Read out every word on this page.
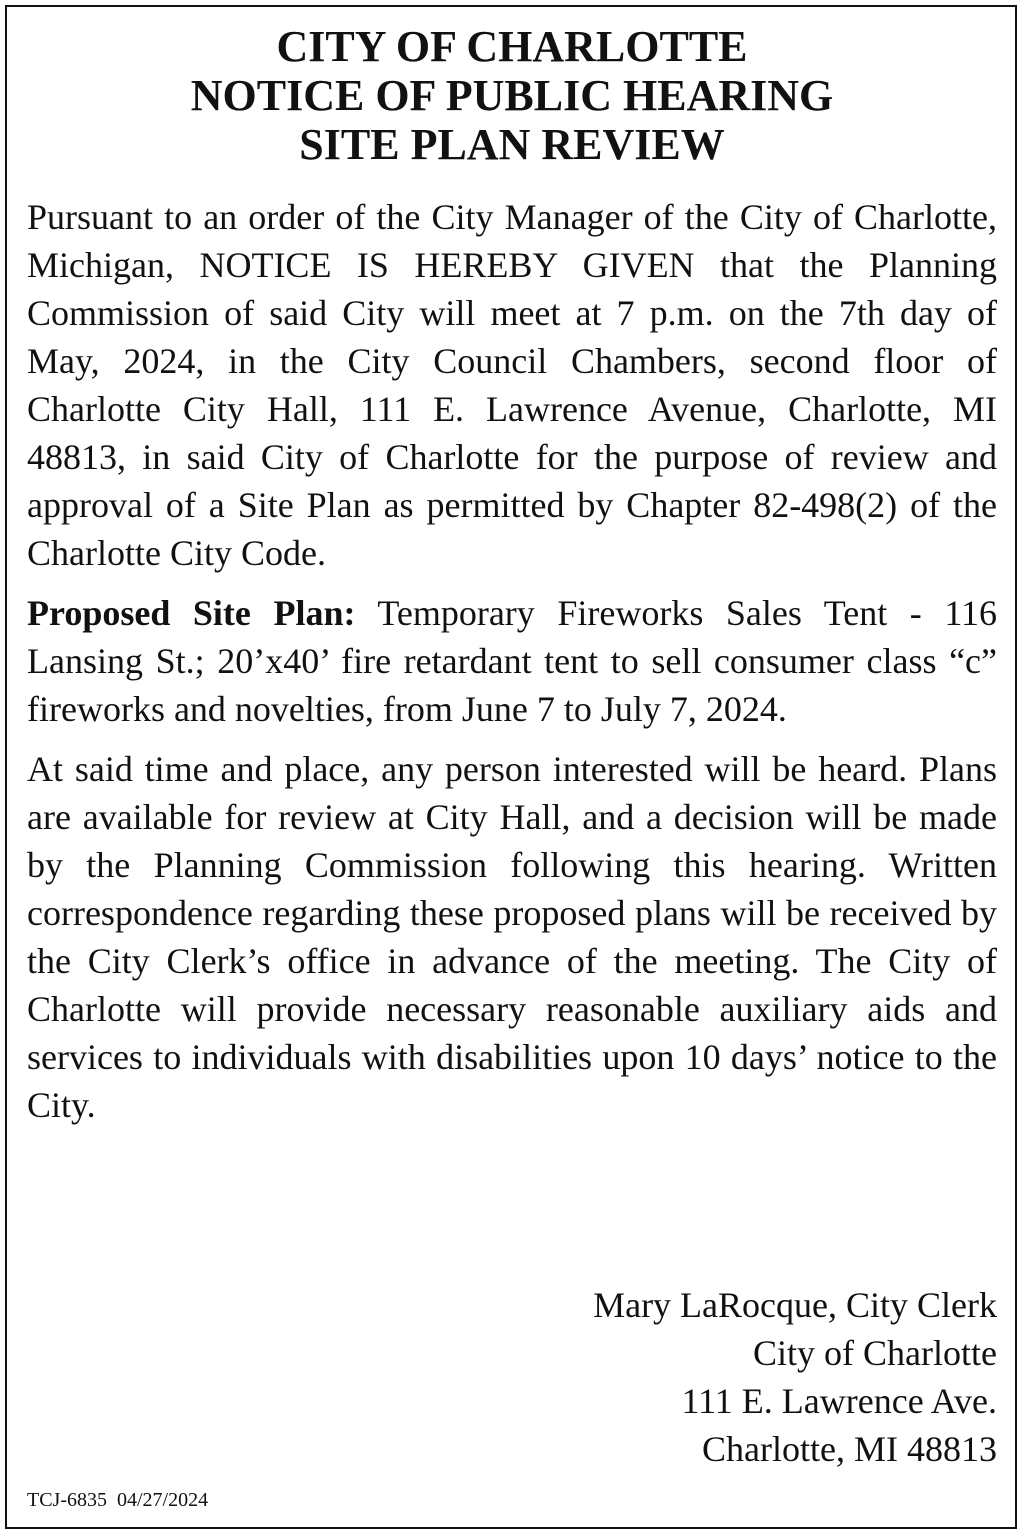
CITY OF CHARLOTTE
NOTICE OF PUBLIC HEARING
SITE PLAN REVIEW

Pursuant to an order of the City Manager of the City of Charlotte, Michigan, NOTICE IS HEREBY GIVEN that the Planning Commission of said City will meet at 7 p.m. on the 7th day of May, 2024, in the City Council Chambers, second floor of Charlotte City Hall, 111 E. Lawrence Avenue, Charlotte, MI 48813, in said City of Charlotte for the purpose of review and approval of a Site Plan as permitted by Chapter 82-498(2) of the Charlotte City Code.

Proposed Site Plan: Temporary Fireworks Sales Tent - 116 Lansing St.; 20’x40’ fire retardant tent to sell consumer class “c” fireworks and novelties, from June 7 to July 7, 2024.

At said time and place, any person interested will be heard. Plans are available for review at City Hall, and a decision will be made by the Planning Commission following this hearing. Written correspondence regarding these proposed plans will be received by the City Clerk’s office in advance of the meeting. The City of Charlotte will provide necessary reasonable auxiliary aids and services to individuals with disabilities upon 10 days’ notice to the City.

Mary LaRocque, City Clerk
City of Charlotte
111 E. Lawrence Ave.
Charlotte, MI 48813
TCJ-6835  04/27/2024
